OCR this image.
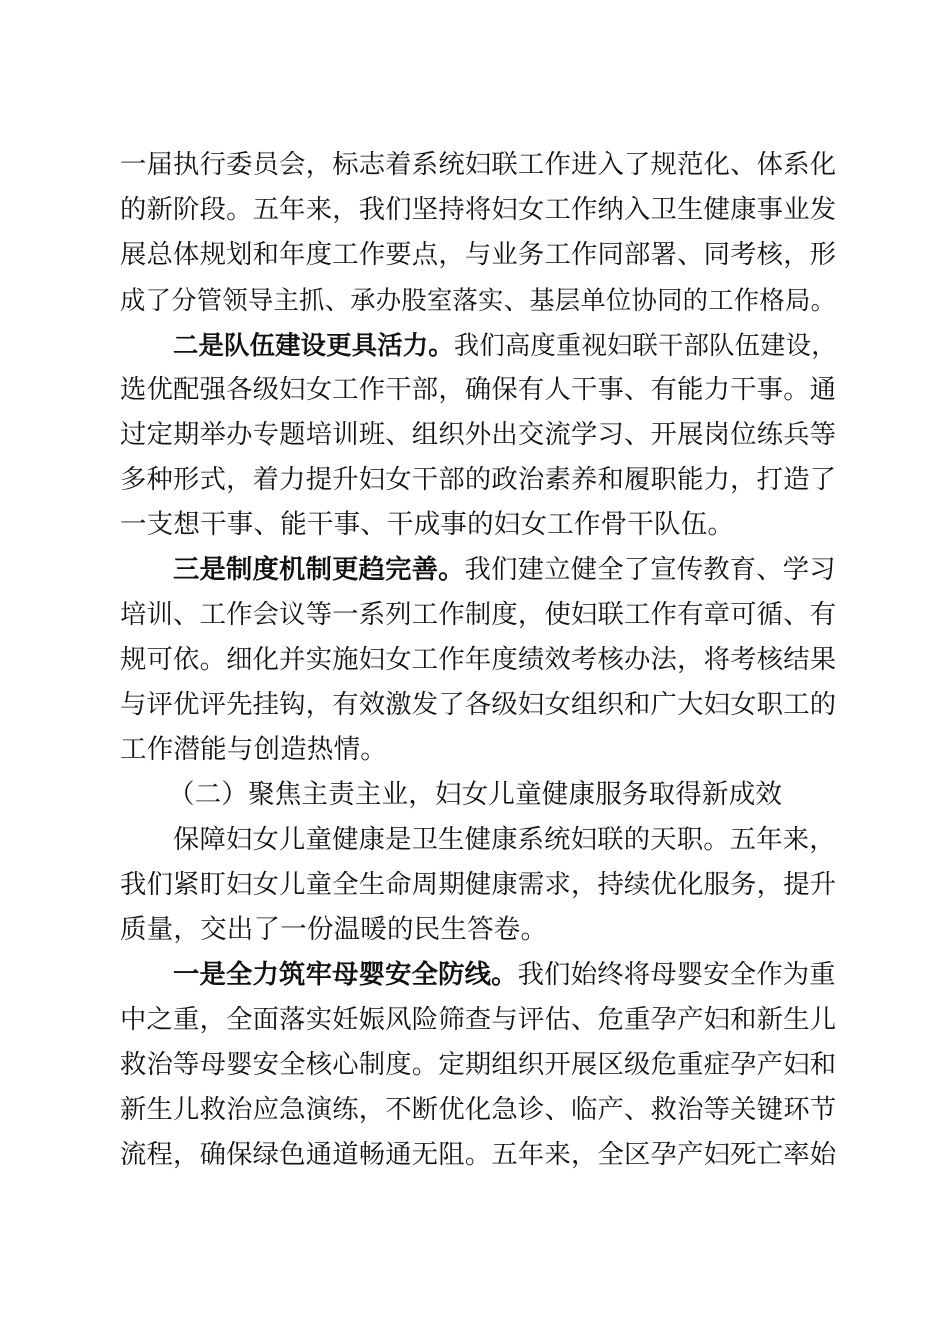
一届执行委员会，标志着系统妇联工作进入了规范化、体系化
的新阶段。五年来，我们坚持将妇女工作纳入卫生健康事业发
展总体规划和年度工作要点，与业务工作同部署、同考核，形
成了分管领导主抓、承办股室落实、基层单位协同的工作格局。
二是队伍建设更具活力。我们高度重视妇联干部队伍建设，
选优配强各级妇女工作干部，确保有人干事、有能力干事。通
过定期举办专题培训班、组织外出交流学习、开展岗位练兵等
多种形式，着力提升妇女干部的政治素养和履职能力，打造了
一支想干事、能干事、干成事的妇女工作骨干队伍。
三是制度机制更趋完善。我们建立健全了宣传教育、学习
培训、工作会议等一系列工作制度，使妇联工作有章可循、有
规可依。细化并实施妇女工作年度绩效考核办法，将考核结果
与评优评先挂钩，有效激发了各级妇女组织和广大妇女职工的
工作潜能与创造热情。
（二）聚焦主责主业，妇女儿童健康服务取得新成效
保障妇女儿童健康是卫生健康系统妇联的天职。五年来，
我们紧盯妇女儿童全生命周期健康需求，持续优化服务，提升
质量，交出了一份温暖的民生答卷。
一是全力筑牢母婴安全防线。我们始终将母婴安全作为重
中之重，全面落实妊娠风险筛查与评估、危重孕产妇和新生儿
救治等母婴安全核心制度。定期组织开展区级危重症孕产妇和
新生儿救治应急演练，不断优化急诊、临产、救治等关键环节
流程，确保绿色通道畅通无阻。五年来，全区孕产妇死亡率始
